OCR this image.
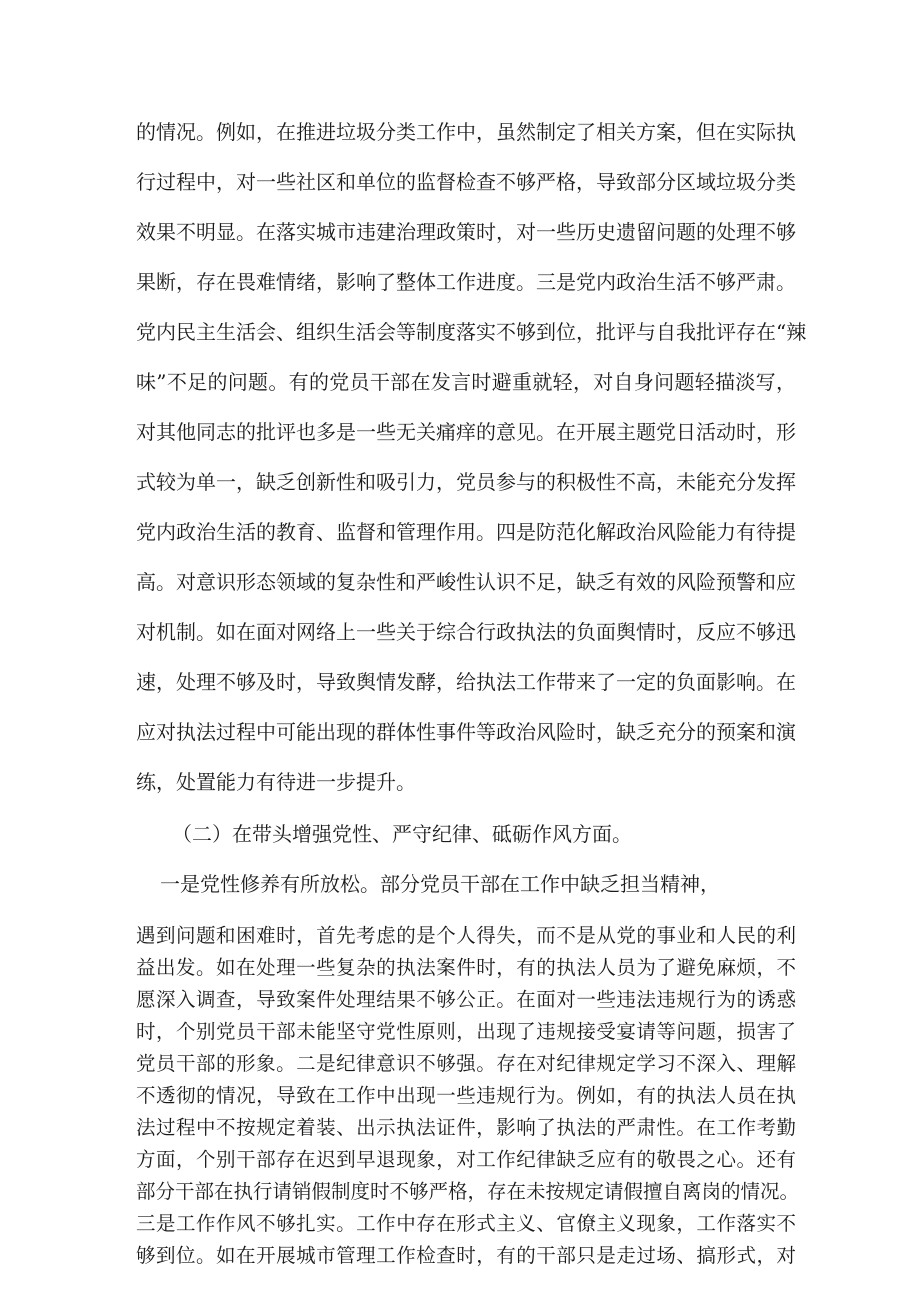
的情况。例如，在推进垃圾分类工作中，虽然制定了相关方案，但在实际执
行过程中，对一些社区和单位的监督检查不够严格，导致部分区域垃圾分类
效果不明显。在落实城市违建治理政策时，对一些历史遗留问题的处理不够
果断，存在畏难情绪，影响了整体工作进度。三是党内政治生活不够严肃。
党内民主生活会、组织生活会等制度落实不够到位，批评与自我批评存在“辣
味”不足的问题。有的党员干部在发言时避重就轻，对自身问题轻描淡写，
对其他同志的批评也多是一些无关痛痒的意见。在开展主题党日活动时，形
式较为单一，缺乏创新性和吸引力，党员参与的积极性不高，未能充分发挥
党内政治生活的教育、监督和管理作用。四是防范化解政治风险能力有待提
高。对意识形态领域的复杂性和严峻性认识不足，缺乏有效的风险预警和应
对机制。如在面对网络上一些关于综合行政执法的负面舆情时，反应不够迅
速，处理不够及时，导致舆情发酵，给执法工作带来了一定的负面影响。在
应对执法过程中可能出现的群体性事件等政治风险时，缺乏充分的预案和演
练，处置能力有待进一步提升。
（二）在带头增强党性、严守纪律、砥砺作风方面。
一是党性修养有所放松。部分党员干部在工作中缺乏担当精神，
遇到问题和困难时，首先考虑的是个人得失，而不是从党的事业和人民的利
益出发。如在处理一些复杂的执法案件时，有的执法人员为了避免麻烦，不
愿深入调查，导致案件处理结果不够公正。在面对一些违法违规行为的诱惑
时，个别党员干部未能坚守党性原则，出现了违规接受宴请等问题，损害了
党员干部的形象。二是纪律意识不够强。存在对纪律规定学习不深入、理解
不透彻的情况，导致在工作中出现一些违规行为。例如，有的执法人员在执
法过程中不按规定着装、出示执法证件，影响了执法的严肃性。在工作考勤
方面，个别干部存在迟到早退现象，对工作纪律缺乏应有的敬畏之心。还有
部分干部在执行请销假制度时不够严格，存在未按规定请假擅自离岗的情况。
三是工作作风不够扎实。工作中存在形式主义、官僚主义现象，工作落实不
够到位。如在开展城市管理工作检查时，有的干部只是走过场、搞形式，对
